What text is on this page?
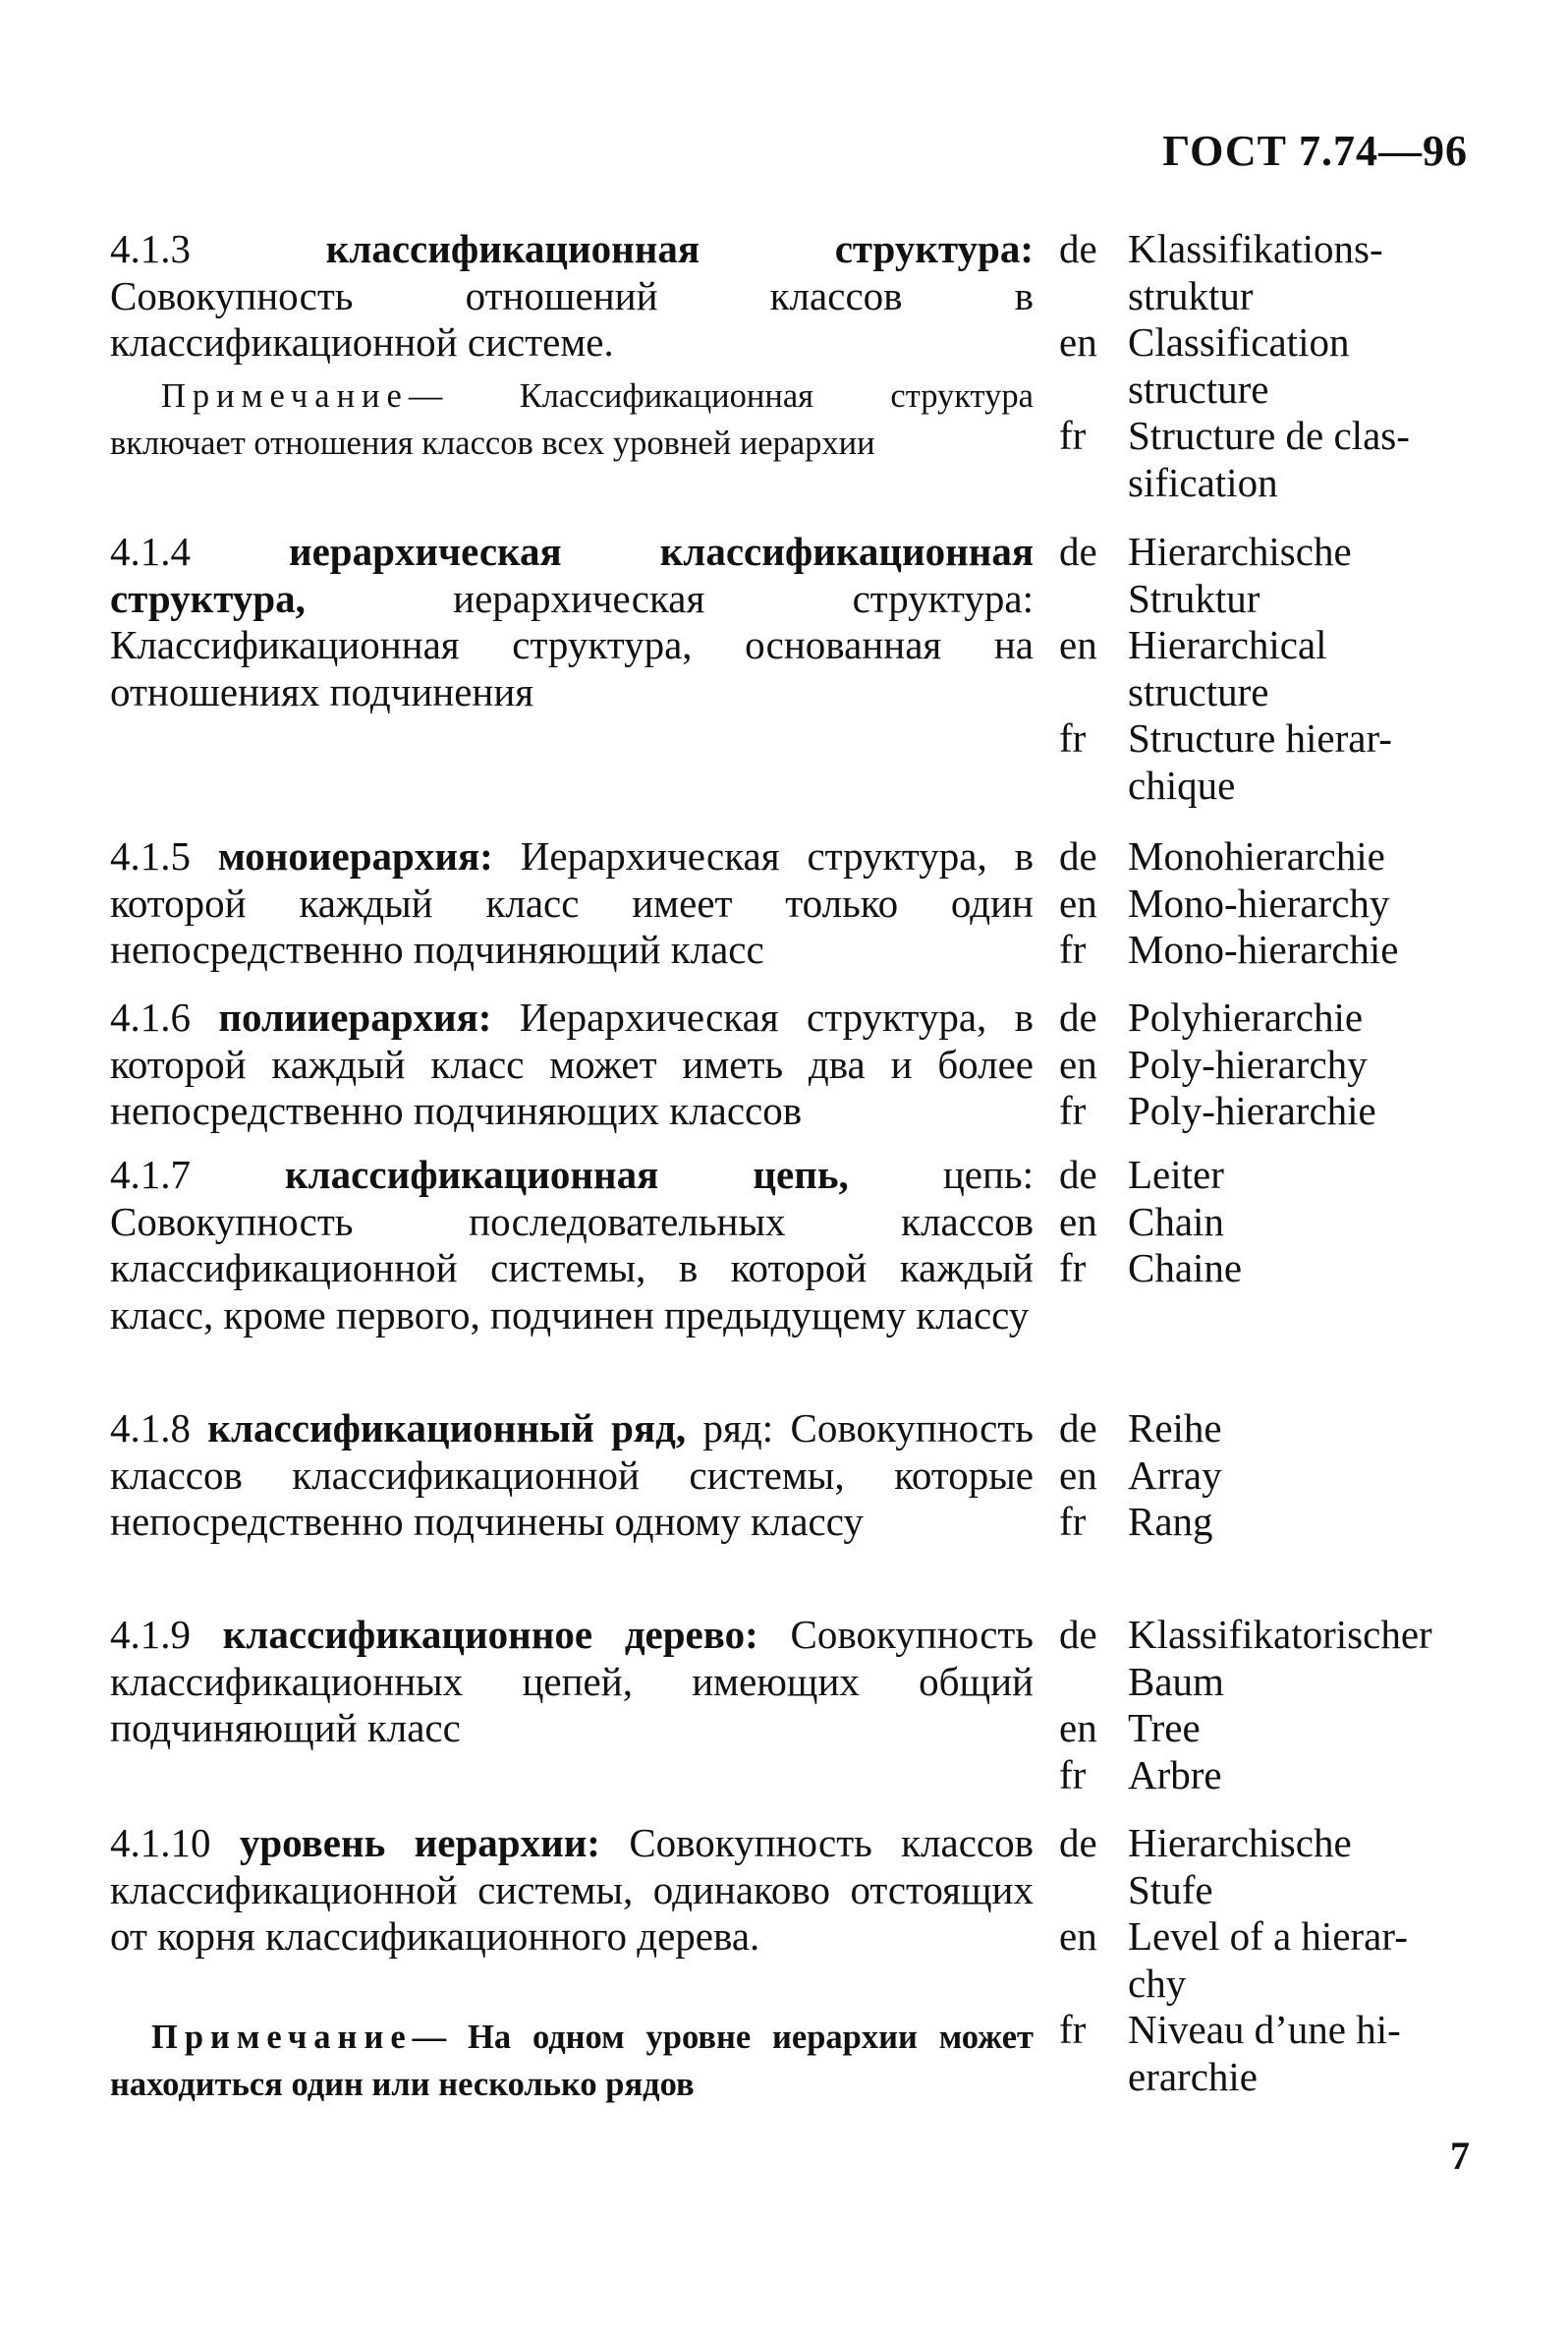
ГОСТ 7.74—96
4.1.3	классификационная структура: Совокупность отношений классов в классификационной системе.
Примечание— Классификационная структура включает отношения классов всех уровней иерархии
de Klassifikations-
struktur
en Classification
structure
fr	Structure de clas-
sification
4.1.4 иерархическая классификационная структура, иерархическая структура: Классификационная структура, основанная на отношениях подчинения
de Hierarchische
Struktur
en Hierarchical
structure
fr	Structure hierar-
chique
4.1.5 моноиерархия: Иерархическая структура, в которой каждый класс имеет только один непосредственно подчиняющий класс
de Monohierarchie
en Mono-hierarchy
fr	Mono-hierarchie
4.1.6 полииерархия: Иерархическая структура, в которой каждый класс может иметь два и более непосредственно подчиняющих классов
de Polyhierarchie
en Poly-hierarchy
fr	Poly-hierarchie
4.1.7 классификационная цепь, цепь: Совокупность последовательных классов классификационной системы, в которой каждый класс, кроме первого, подчинен предыдущему классу
de Leiter
en Chain
fr	Chaine
4.1.8 классификационный ряд, ряд: Совокупность классов классификационной системы, которые непосредственно подчинены одному классу
de Reihe
en Array
fr	Rang
4.1.9 классификационное дерево: Совокупность классификационных цепей, имеющих общий подчиняющий класс
de Klassifikatorischer
Baum
en Tree
fr	Arbre
4.1.10 уровень иерархии: Совокупность классов классификационной системы, одинаково отстоящих от корня классификационного дерева.
Примечание— На одном уровне иерархии может находиться один или несколько рядов
de Hierarchische
Stufe
en Level of a hierar-
chy
fr	Niveau d’une hi-
erarchie
7
